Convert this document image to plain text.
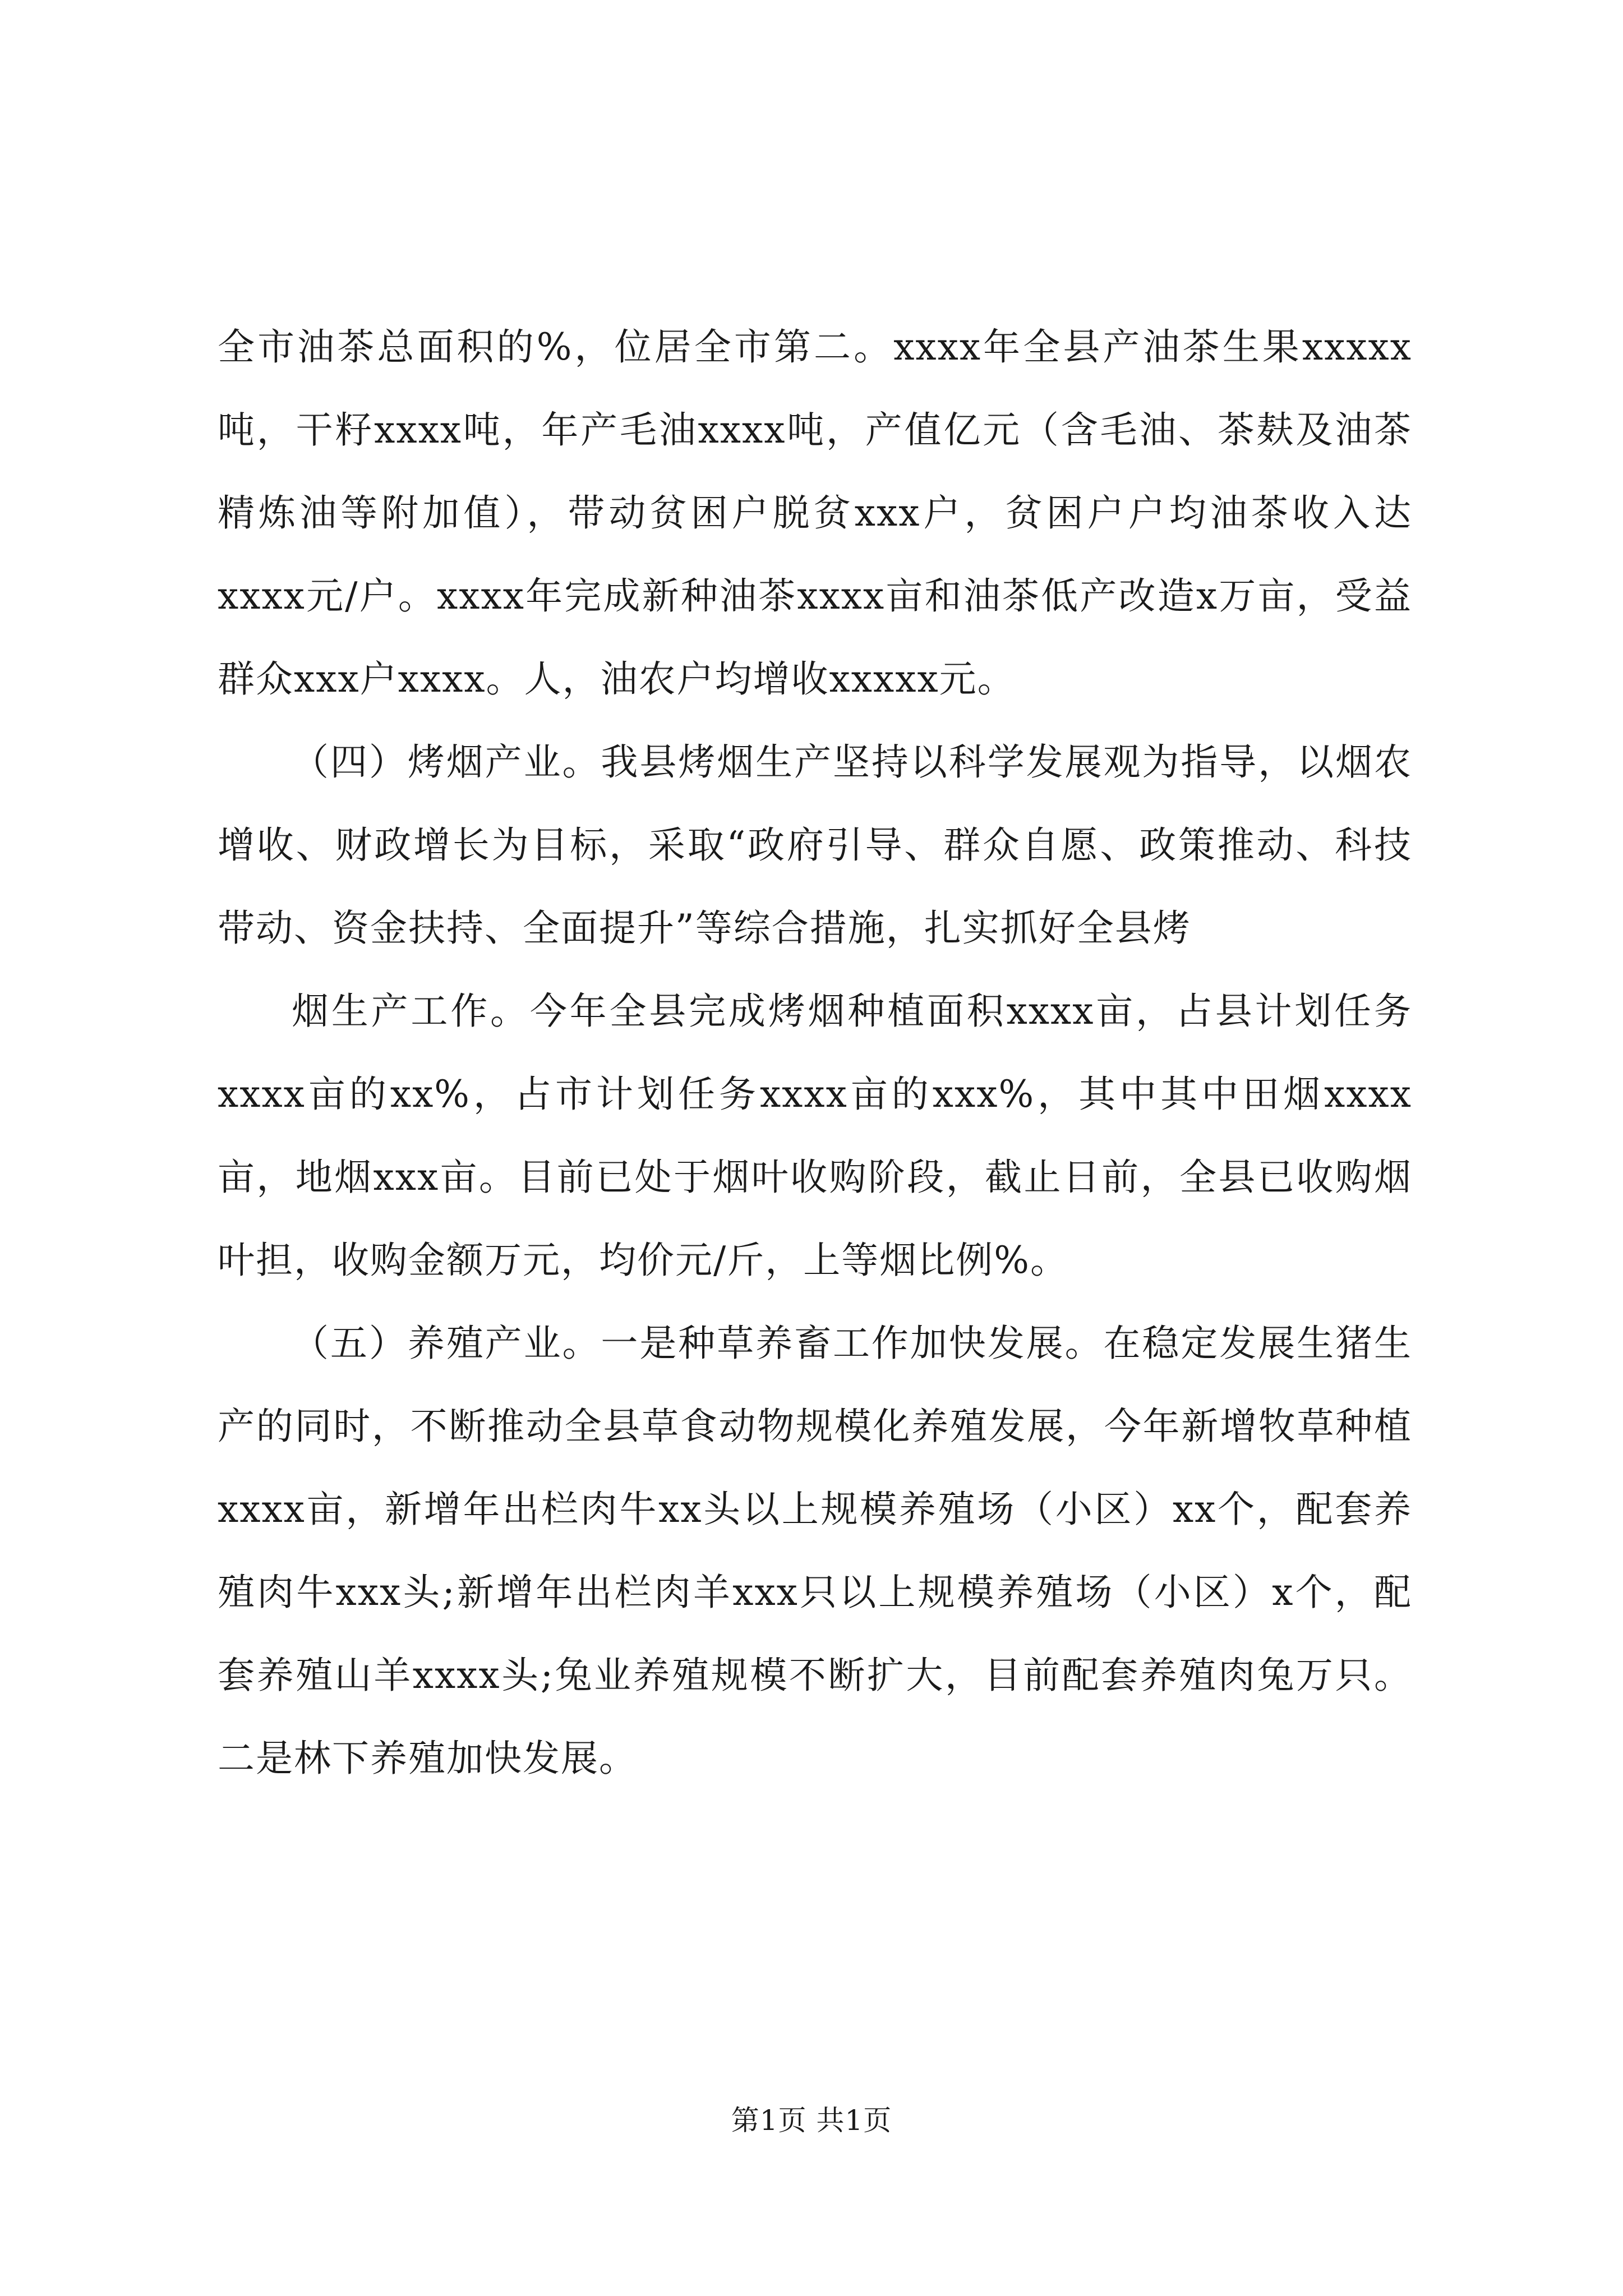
全市油茶总面积的%，位居全市第二。xxxx年全县产油茶生果xxxxx吨，干籽xxxx吨，年产毛油xxxx吨，产值亿元（含毛油、茶麸及油茶精炼油等附加值），带动贫困户脱贫xxx户，贫困户户均油茶收入达xxxx元/户。xxxx年完成新种油茶xxxx亩和油茶低产改造x万亩，受益群众xxx户xxxx。人，油农户均增收xxxxx元。

（四）烤烟产业。我县烤烟生产坚持以科学发展观为指导，以烟农增收、财政增长为目标，采取“政府引导、群众自愿、政策推动、科技带动、资金扶持、全面提升”等综合措施，扎实抓好全县烤

烟生产工作。今年全县完成烤烟种植面积xxxx亩，占县计划任务xxxx亩的xx%，占市计划任务xxxx亩的xxx%，其中其中田烟xxxx亩，地烟xxx亩。目前已处于烟叶收购阶段，截止日前，全县已收购烟叶担，收购金额万元，均价元/斤，上等烟比例%。

（五）养殖产业。一是种草养畜工作加快发展。在稳定发展生猪生产的同时，不断推动全县草食动物规模化养殖发展，今年新增牧草种植xxxx亩，新增年出栏肉牛xx头以上规模养殖场（小区）xx个，配套养殖肉牛xxx头;新增年出栏肉羊xxx只以上规模养殖场（小区）x个，配套养殖山羊xxxx头;兔业养殖规模不断扩大，目前配套养殖肉兔万只。二是林下养殖加快发展。

第1页 共1页
